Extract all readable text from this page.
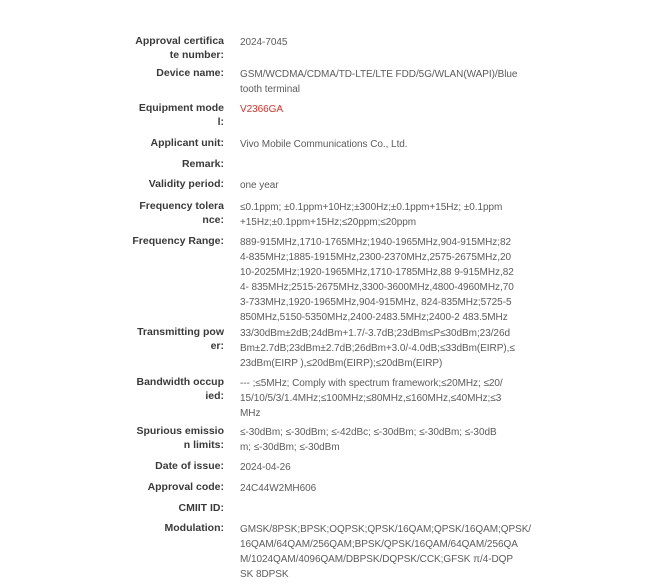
Approval certifica
te number:
2024-7045
Device name: GSM/WCDMA/CDMA/TD-LTE/LTE FDD/5G/WLAN(WAPI)/Blue
tooth terminal
Equipment mode
l:
V2366GA
Applicant unit: Vivo Mobile Communications Co., Ltd.
Remark:
Validity period: one year
Frequency tolera
nce:
≤0.1ppm; ±0.1ppm+10Hz;±300Hz;±0.1ppm+15Hz; ±0.1ppm
+15Hz;±0.1ppm+15Hz;≤20ppm;≤20ppm
Frequency Range: 889-915MHz,1710-1765MHz;1940-1965MHz,904-915MHz;82
4-835MHz;1885-1915MHz,2300-2370MHz,2575-2675MHz,20
10-2025MHz;1920-1965MHz,1710-1785MHz,88 9-915MHz,82
4- 835MHz;2515-2675MHz,3300-3600MHz,4800-4960MHz,70
3-733MHz,1920-1965MHz,904-915MHz, 824-835MHz;5725-5
850MHz,5150-5350MHz,2400-2483.5MHz;2400-2 483.5MHz
Transmitting pow
er:
33/30dBm±2dB;24dBm+1.7/-3.7dB;23dBm≤P≤30dBm;23/26d
Bm±2.7dB;23dBm±2.7dB;26dBm+3.0/-4.0dB;≤33dBm(EIRP),≤
23dBm(EIRP ),≤20dBm(EIRP);≤20dBm(EIRP)
Bandwidth occup
ied:
--- ;≤5MHz; Comply with spectrum framework;≤20MHz; ≤20/
15/10/5/3/1.4MHz;≤100MHz;≤80MHz,≤160MHz,≤40MHz;≤3
MHz
Spurious emissio
n limits:
≤-30dBm; ≤-30dBm; ≤-42dBc; ≤-30dBm; ≤-30dBm; ≤-30dB
m; ≤-30dBm; ≤-30dBm
Date of issue: 2024-04-26
Approval code: 24C44W2MH606
CMIIT ID:
Modulation: GMSK/8PSK;BPSK;OQPSK;QPSK/16QAM;QPSK/16QAM;QPSK/
16QAM/64QAM/256QAM;BPSK/QPSK/16QAM/64QAM/256QA
M/1024QAM/4096QAM/DBPSK/DQPSK/CCK;GFSK π/4-DQP
SK 8DPSK
